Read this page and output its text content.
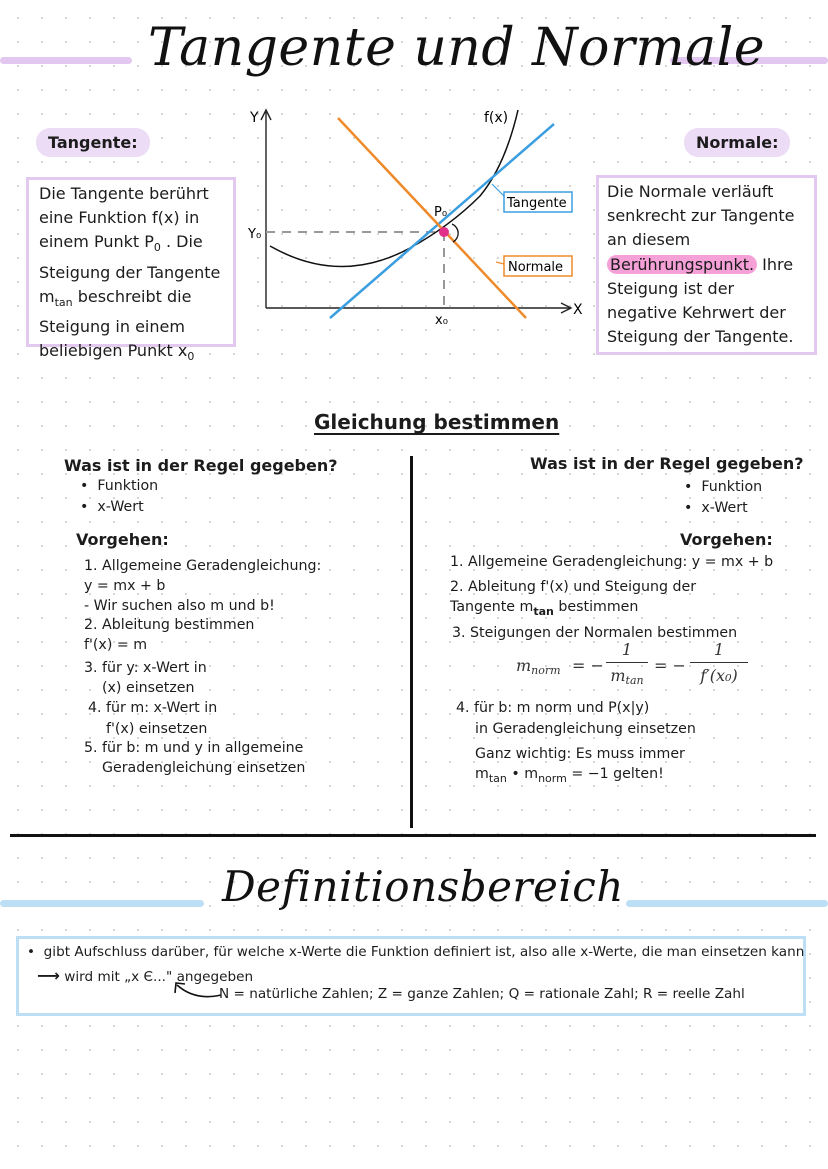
Tangente und Normale
Tangente:
Die Tangente berührt
eine Funktion f(x) in
einem Punkt $P_0$ . Die
Steigung der Tangente
$m_{tan}$ beschreibt die
Steigung in einem
beliebigen Punkt $x_0$
Normale:
Die Normale verläuft
senkrecht zur Tangente
an diesem
Berührungspunkt. Ihre
Steigung ist der
negative Kehrwert der
Steigung der Tangente.
Y
X
Y₀
x₀
f(x)
P₀
Tangente
Normale
Gleichung bestimmen
Was ist in der Regel gegeben?
•  Funktion
•  x-Wert
Vorgehen:
1. Allgemeine Geradengleichung:
y = mx + b
- Wir suchen also m und b!
2. Ableitung bestimmen
f'(x) = m
3. für y: x-Wert in
(x) einsetzen
4. für m: x-Wert in
f'(x) einsetzen
5. für b: m und y in allgemeine
Geradengleichung einsetzen
Was ist in der Regel gegeben?
•  Funktion
•  x-Wert
Vorgehen:
1. Allgemeine Geradengleichung: y = mx + b
2. Ableitung f'(x) und Steigung der
Tangente $m_{tan}$ bestimmen
3. Steigungen der Normalen bestimmen
mnorm = −
1
mtan
= −
1
f′(x₀)
4. für b: m norm und P(x|y)
in Geradengleichung einsetzen
Ganz wichtig: Es muss immer
$m_{tan}$ • $m_{norm} = -1$ gelten!
Definitionsbereich
•  gibt Aufschluss darüber, für welche x-Werte die Funktion definiert ist, also alle x-Werte, die man einsetzen kann
⟶ wird mit „x Є..." angegeben
N = natürliche Zahlen; Z = ganze Zahlen; Q = rationale Zahl; R = reelle Zahl
